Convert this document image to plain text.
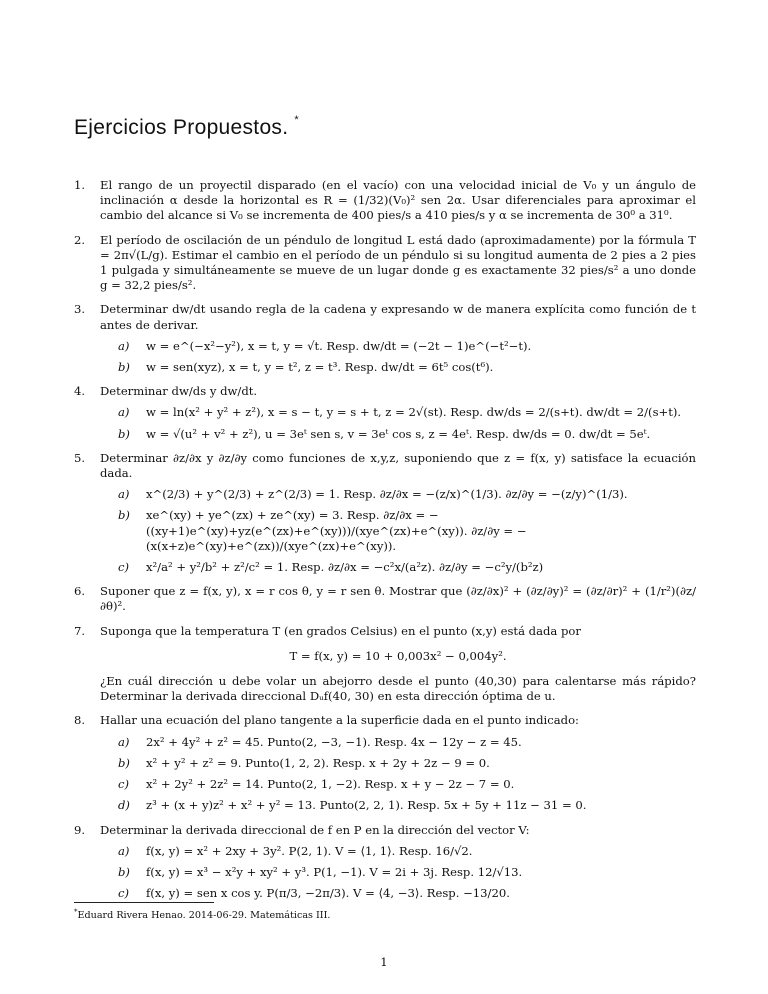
Ejercicios Propuestos. *
1. El rango de un proyectil disparado (en el vacío) con una velocidad inicial de V₀ y un ángulo de inclinación α desde la horizontal es R = (1/32)(V₀)² sen 2α. Usar diferenciales para aproximar el cambio del alcance si V₀ se incrementa de 400 pies/s a 410 pies/s y α se incrementa de 30⁰ a 31⁰.

2. El período de oscilación de un péndulo de longitud L está dado (aproximadamente) por la fórmula T = 2π√(L/g). Estimar el cambio en el período de un péndulo si su longitud aumenta de 2 pies a 2 pies 1 pulgada y simultáneamente se mueve de un lugar donde g es exactamente 32 pies/s² a uno donde g = 32,2 pies/s².

3. Determinar dw/dt usando regla de la cadena y expresando w de manera explícita como función de t antes de derivar.

a) w = e^(−x²−y²), x = t, y = √t. Resp. dw/dt = (−2t − 1)e^(−t²−t).
b) w = sen(xyz), x = t, y = t², z = t³. Resp. dw/dt = 6t⁵ cos(t⁶).
4. Determinar dw/ds y dw/dt.

a) w = ln(x² + y² + z²), x = s − t, y = s + t, z = 2√(st). Resp. dw/ds = 2/(s+t). dw/dt = 2/(s+t).
b) w = √(u² + v² + z²), u = 3eᵗ sen s, v = 3eᵗ cos s, z = 4eᵗ. Resp. dw/ds = 0. dw/dt = 5eᵗ.
5. Determinar ∂z/∂x y ∂z/∂y como funciones de x,y,z, suponiendo que z = f(x, y) satisface la ecuación dada.

a) x^(2/3) + y^(2/3) + z^(2/3) = 1. Resp. ∂z/∂x = −(z/x)^(1/3). ∂z/∂y = −(z/y)^(1/3).
b) xe^(xy) + ye^(zx) + ze^(xy) = 3. Resp. ∂z/∂x = −((xy+1)e^(xy)+yz(e^(zx)+e^(xy)))/(xye^(zx)+e^(xy)). ∂z/∂y = −(x(x+z)e^(xy)+e^(zx))/(xye^(zx)+e^(xy)).
c) x²/a² + y²/b² + z²/c² = 1. Resp. ∂z/∂x = −c²x/(a²z). ∂z/∂y = −c²y/(b²z)
6. Suponer que z = f(x, y), x = r cos θ, y = r sen θ. Mostrar que (∂z/∂x)² + (∂z/∂y)² = (∂z/∂r)² + (1/r²)(∂z/∂θ)².

7. Suponga que la temperatura T (en grados Celsius) en el punto (x,y) está dada por

T = f(x, y) = 10 + 0,003x² − 0,004y².

¿En cuál dirección u debe volar un abejorro desde el punto (40,30) para calentarse más rápido? Determinar la derivada direccional Dᵤf(40, 30) en esta dirección óptima de u.

8. Hallar una ecuación del plano tangente a la superficie dada en el punto indicado:

a) 2x² + 4y² + z² = 45. Punto(2, −3, −1). Resp. 4x − 12y − z = 45.
b) x² + y² + z² = 9. Punto(1, 2, 2). Resp. x + 2y + 2z − 9 = 0.
c) x² + 2y² + 2z² = 14. Punto(2, 1, −2). Resp. x + y − 2z − 7 = 0.
d) z³ + (x + y)z² + x² + y² = 13. Punto(2, 2, 1). Resp. 5x + 5y + 11z − 31 = 0.
9. Determinar la derivada direccional de f en P en la dirección del vector V:

a) f(x, y) = x² + 2xy + 3y². P(2, 1). V = ⟨1, 1⟩. Resp. 16/√2.
b) f(x, y) = x³ − x²y + xy² + y³. P(1, −1). V = 2i + 3j. Resp. 12/√13.
c) f(x, y) = sen x cos y. P(π/3, −2π/3). V = ⟨4, −3⟩. Resp. −13/20.
*Eduard Rivera Henao. 2014-06-29. Matemáticas III.
1
